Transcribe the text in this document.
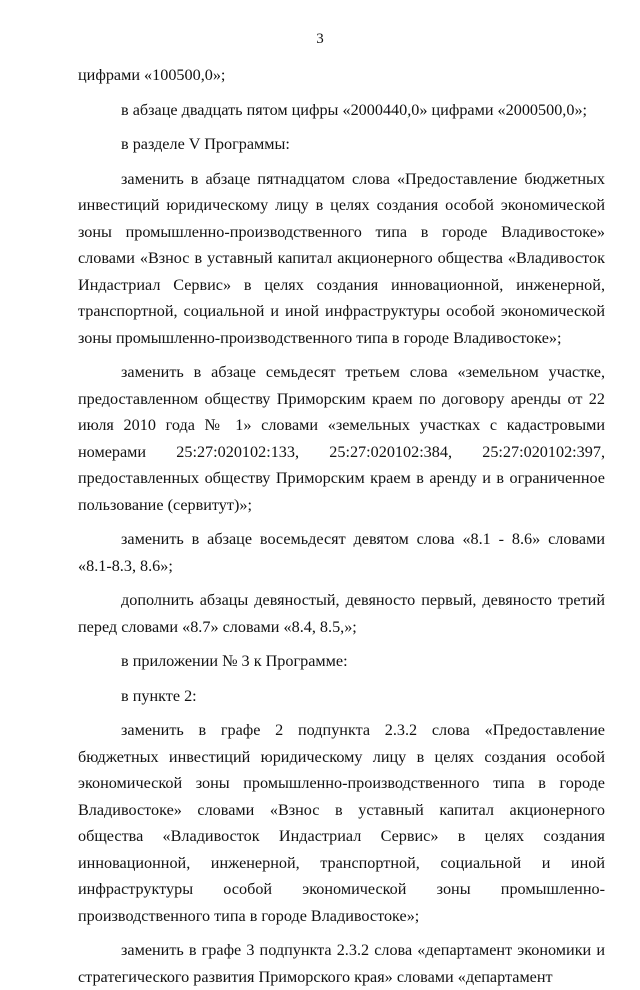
3

цифрами «100500,0»;

в абзаце двадцать пятом цифры «2000440,0» цифрами «2000500,0»;

в разделе V Программы:

заменить в абзаце пятнадцатом слова «Предоставление бюджетных инвестиций юридическому лицу в целях создания особой экономической зоны промышленно-производственного типа в городе Владивостоке» словами «Взнос в уставный капитал акционерного общества «Владивосток Индастриал Сервис» в целях создания инновационной, инженерной, транспортной, социальной и иной инфраструктуры особой экономической зоны промышленно-производственного типа в городе Владивостоке»;

заменить в абзаце семьдесят третьем слова «земельном участке, предоставленном обществу Приморским краем по договору аренды от 22 июля 2010 года № 1» словами «земельных участках с кадастровыми номерами 25:27:020102:133, 25:27:020102:384, 25:27:020102:397, предоставленных обществу Приморским краем в аренду и в ограниченное пользование (сервитут)»;

заменить в абзаце восемьдесят девятом слова «8.1 - 8.6» словами «8.1-8.3, 8.6»;

дополнить абзацы девяностый, девяносто первый, девяносто третий перед словами «8.7» словами «8.4, 8.5,»;

в приложении № 3 к Программе:

в пункте 2:

заменить в графе 2 подпункта 2.3.2 слова «Предоставление бюджетных инвестиций юридическому лицу в целях создания особой экономической зоны промышленно-производственного типа в городе Владивостоке» словами «Взнос в уставный капитал акционерного общества «Владивосток Индастриал Сервис» в целях создания инновационной, инженерной, транспортной, социальной и иной инфраструктуры особой экономической зоны промышленно-производственного типа в городе Владивостоке»;

заменить в графе 3 подпункта 2.3.2 слова «департамент экономики и стратегического развития Приморского края» словами «департамент
